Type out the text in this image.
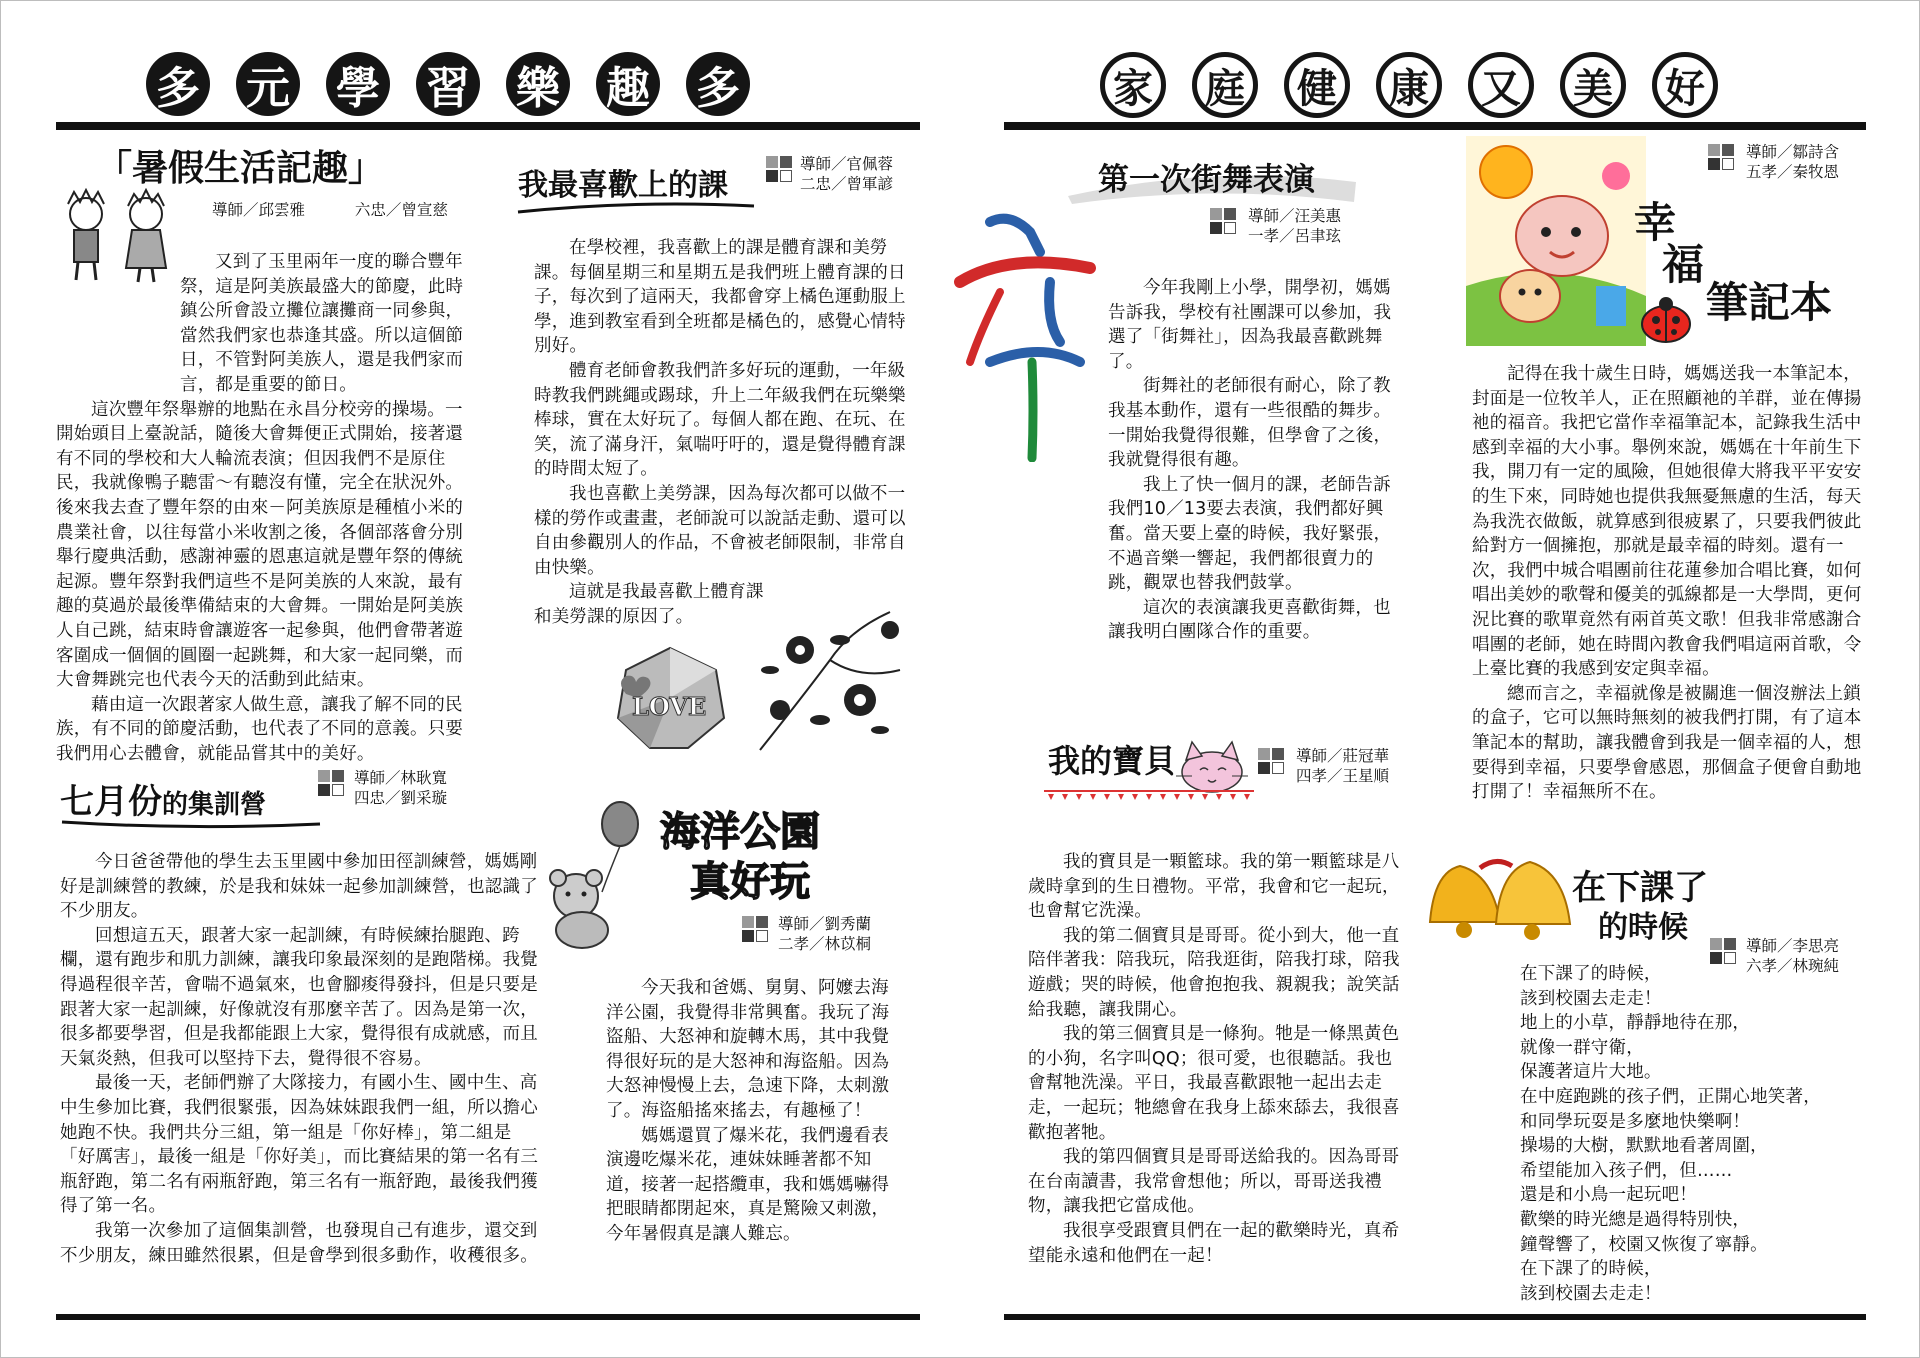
多 元 學 習 樂 趣 多	家	庭	健	康	又	美	好
「暑假生活記趣」
導師／邱雲雅	六忠／曾宣慈

又到了玉里兩年一度的聯合豐年祭，這是阿美族最盛大的節慶，此時鎮公所會設立攤位讓攤商一同參與，當然我們家也恭逢其盛。所以這個節日，不管對阿美族人，還是我們家而言，都是重要的節日。

這次豐年祭舉辦的地點在永昌分校旁的操場。一開始頭目上臺說話，隨後大會舞便正式開始，接著還有不同的學校和大人輪流表演；但因我們不是原住民，我就像鴨子聽雷～有聽沒有懂，完全在狀況外。後來我去查了豐年祭的由來－阿美族原是種植小米的農業社會，以往每當小米收割之後，各個部落會分別舉行慶典活動，感謝神靈的恩惠這就是豐年祭的傳統起源。豐年祭對我們這些不是阿美族的人來說，最有趣的莫過於最後準備結束的大會舞。一開始是阿美族人自己跳，結束時會讓遊客一起參與，他們會帶著遊客圍成一個個的圓圈一起跳舞，和大家一起同樂，而大會舞跳完也代表今天的活動到此結束。

藉由這一次跟著家人做生意，讓我了解不同的民族，有不同的節慶活動，也代表了不同的意義。只要我們用心去體會，就能品嘗其中的美好。

我最喜歡上的課
導師／官佩蓉
二忠／曾軍諺

在學校裡，我喜歡上的課是體育課和美勞課。每個星期三和星期五是我們班上體育課的日子，每次到了這兩天，我都會穿上橘色運動服上學，進到教室看到全班都是橘色的，感覺心情特別好。

體育老師會教我們許多好玩的運動，一年級時教我們跳繩或踢球，升上二年級我們在玩樂樂棒球，實在太好玩了。每個人都在跑、在玩、在笑，流了滿身汗，氣喘吁吁的，還是覺得體育課的時間太短了。

我也喜歡上美勞課，因為每次都可以做不一樣的勞作或畫畫，老師說可以說話走動、還可以自由參觀別人的作品，不會被老師限制，非常自由快樂。

這就是我最喜歡上體育課和美勞課的原因了。

LOVE
七月份的集訓營
導師／林耿寬
四忠／劉采璇

今日爸爸帶他的學生去玉里國中參加田徑訓練營，媽媽剛好是訓練營的教練，於是我和妹妹一起參加訓練營，也認識了不少朋友。

回想這五天，跟著大家一起訓練，有時候練抬腿跑、跨欄，還有跑步和肌力訓練，讓我印象最深刻的是跑階梯。我覺得過程很辛苦，會喘不過氣來，也會腳痠得發抖，但是只要是跟著大家一起訓練，好像就沒有那麼辛苦了。因為是第一次，很多都要學習，但是我都能跟上大家，覺得很有成就感，而且天氣炎熱，但我可以堅持下去，覺得很不容易。

最後一天，老師們辦了大隊接力，有國小生、國中生、高中生參加比賽，我們很緊張，因為妹妹跟我們一組，所以擔心她跑不快。我們共分三組，第一組是「你好棒」，第二組是「好厲害」，最後一組是「你好美」，而比賽結果的第一名有三瓶舒跑，第二名有兩瓶舒跑，第三名有一瓶舒跑，最後我們獲得了第一名。

我第一次參加了這個集訓營，也發現自己有進步，還交到不少朋友，練田雖然很累，但是會學到很多動作，收穫很多。

海洋公園
真好玩
導師／劉秀蘭
二孝／林苡桐

今天我和爸媽、舅舅、阿嬤去海洋公園，我覺得非常興奮。我玩了海盜船、大怒神和旋轉木馬，其中我覺得很好玩的是大怒神和海盜船。因為大怒神慢慢上去，急速下降，太刺激了。海盜船搖來搖去，有趣極了！

媽媽還買了爆米花，我們邊看表演邊吃爆米花，連妹妹睡著都不知道，接著一起搭纜車，我和媽媽嚇得把眼睛都閉起來，真是驚險又刺激，今年暑假真是讓人難忘。

第一次街舞表演
導師／汪美惠
一孝／呂聿玹

今年我剛上小學，開學初，媽媽告訴我，學校有社團課可以參加，我選了「街舞社」，因為我最喜歡跳舞了。

街舞社的老師很有耐心，除了教我基本動作，還有一些很酷的舞步。一開始我覺得很難，但學會了之後，我就覺得很有趣。

我上了快一個月的課，老師告訴我們10／13要去表演，我們都好興奮。當天要上臺的時候，我好緊張，不過音樂一響起，我們都很賣力的跳，觀眾也替我們鼓掌。

這次的表演讓我更喜歡街舞，也讓我明白團隊合作的重要。

我的寶貝	導師／莊冠華
四孝／王星順

我的寶貝是一顆籃球。我的第一顆籃球是八歲時拿到的生日禮物。平常，我會和它一起玩，也會幫它洗澡。

我的第二個寶貝是哥哥。從小到大，他一直陪伴著我：陪我玩，陪我逛街，陪我打球，陪我遊戲；哭的時候，他會抱抱我、親親我；說笑話給我聽，讓我開心。

我的第三個寶貝是一條狗。牠是一條黑黃色的小狗，名字叫QQ；很可愛，也很聽話。我也會幫牠洗澡。平日，我最喜歡跟牠一起出去走走，一起玩；牠總會在我身上舔來舔去，我很喜歡抱著牠。

我的第四個寶貝是哥哥送給我的。因為哥哥在台南讀書，我常會想他；所以，哥哥送我禮物，讓我把它當成他。

我很享受跟寶貝們在一起的歡樂時光，真希望能永遠和他們在一起！

導師／鄒詩含
五孝／秦牧恩
幸
福
筆記本

記得在我十歲生日時，媽媽送我一本筆記本，封面是一位牧羊人，正在照顧祂的羊群，並在傳揚祂的福音。我把它當作幸福筆記本，記錄我生活中感到幸福的大小事。舉例來說，媽媽在十年前生下我，開刀有一定的風險，但她很偉大將我平平安安的生下來，同時她也提供我無憂無慮的生活，每天為我洗衣做飯，就算感到很疲累了，只要我們彼此給對方一個擁抱，那就是最幸福的時刻。還有一次，我們中城合唱團前往花蓮參加合唱比賽，如何唱出美妙的歌聲和優美的弧線都是一大學問，更何況比賽的歌單竟然有兩首英文歌！但我非常感謝合唱團的老師，她在時間內教會我們唱這兩首歌，令上臺比賽的我感到安定與幸福。

總而言之，幸福就像是被關進一個沒辦法上鎖的盒子，它可以無時無刻的被我們打開，有了這本筆記本的幫助，讓我體會到我是一個幸福的人，想要得到幸福，只要學會感恩，那個盒子便會自動地打開了！幸福無所不在。

在下課了
的時候
導師／李思亮
六孝／林琬純

在下課了的時候，

該到校園去走走！

地上的小草，靜靜地待在那，

就像一群守衛，

保護著這片大地。

在中庭跑跳的孩子們，正開心地笑著，

和同學玩耍是多麼地快樂啊！

操場的大樹，默默地看著周圍，

希望能加入孩子們，但……

還是和小鳥一起玩吧！

歡樂的時光總是過得特別快，

鐘聲響了，校園又恢復了寧靜。

在下課了的時候，

該到校園去走走！
